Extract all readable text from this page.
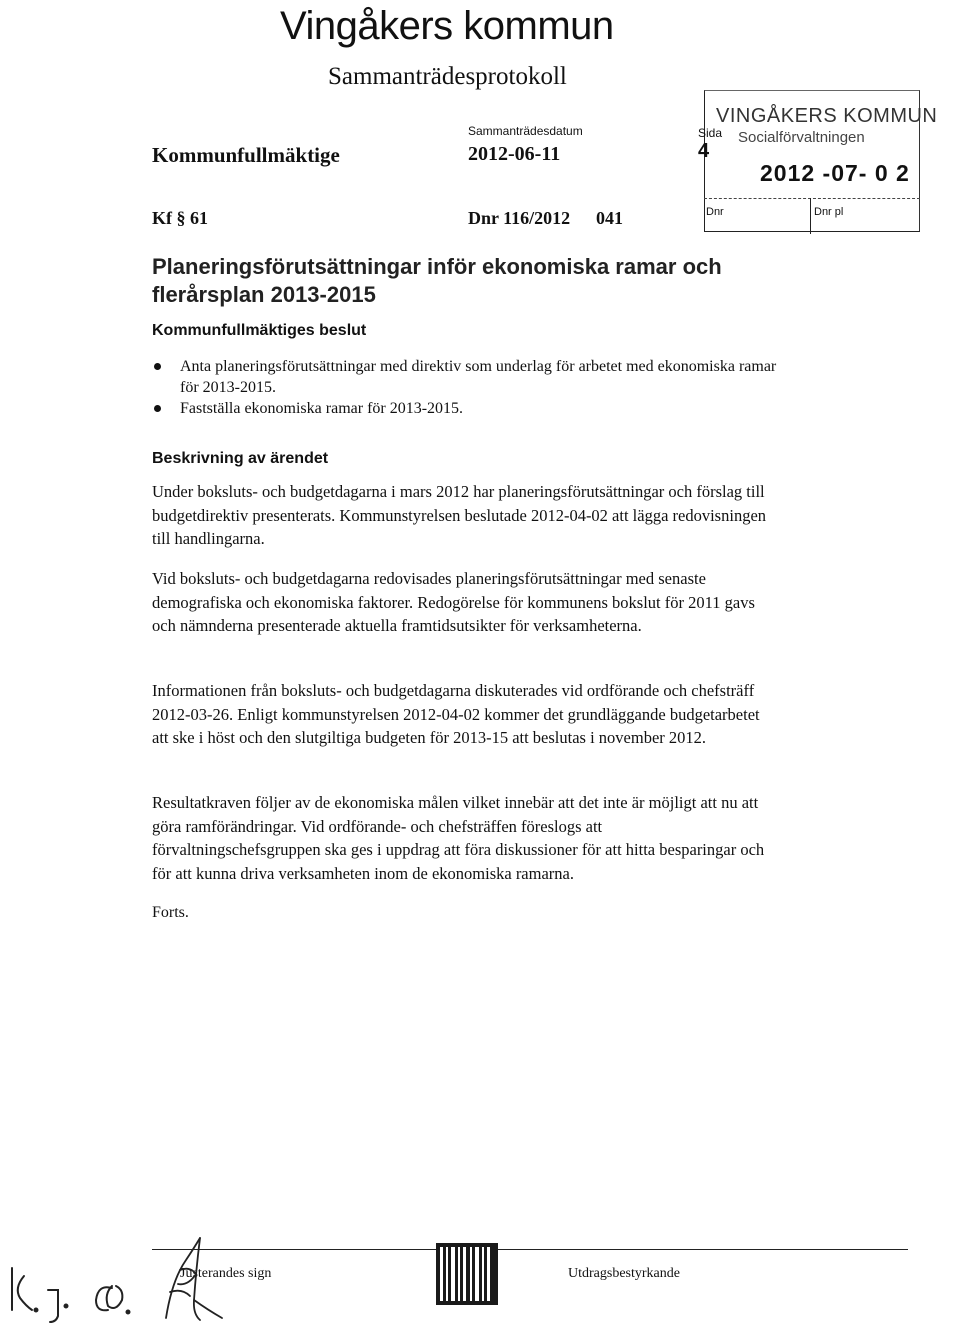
Vingåkers kommun
Sammanträdesprotokoll
Sammanträdesdatum
Kommunfullmäktige	2012-06-11
Kf § 61	Dnr 116/2012 041
VINGÅKERS KOMMUN
Socialförvaltningen
Sida
4
2012 -07- 0 2
Dnr	Dnr pl
Planeringsförutsättningar inför ekonomiska ramar och
flerårsplan 2013-2015
Kommunfullmäktiges beslut
Anta planeringsförutsättningar med direktiv som underlag för arbetet med ekonomiska ramar för 2013-2015.
Fastställa ekonomiska ramar för 2013-2015.
Beskrivning av ärendet

Under boksluts- och budgetdagarna i mars 2012 har planeringsförutsättningar och förslag till budgetdirektiv presenterats. Kommunstyrelsen beslutade 2012-04-02 att lägga redovisningen till handlingarna.

Vid boksluts- och budgetdagarna redovisades planeringsförutsättningar med senaste demografiska och ekonomiska faktorer. Redogörelse för kommunens bokslut för 2011 gavs och nämnderna presenterade aktuella framtidsutsikter för verksamheterna.

Informationen från boksluts- och budgetdagarna diskuterades vid ordförande och chefsträff 2012-03-26. Enligt kommunstyrelsen 2012-04-02 kommer det grundläggande budgetarbetet att ske i höst och den slutgiltiga budgeten för 2013-15 att beslutas i november 2012.

Resultatkraven följer av de ekonomiska målen vilket innebär att det inte är möjligt att nu att göra ramförändringar. Vid ordförande- och chefsträffen föreslogs att förvaltningschefsgruppen ska ges i uppdrag att föra diskussioner för att hitta besparingar och för att kunna driva verksamheten inom de ekonomiska ramarna.

Forts.
Justerandes sign	Utdragsbestyrkande
